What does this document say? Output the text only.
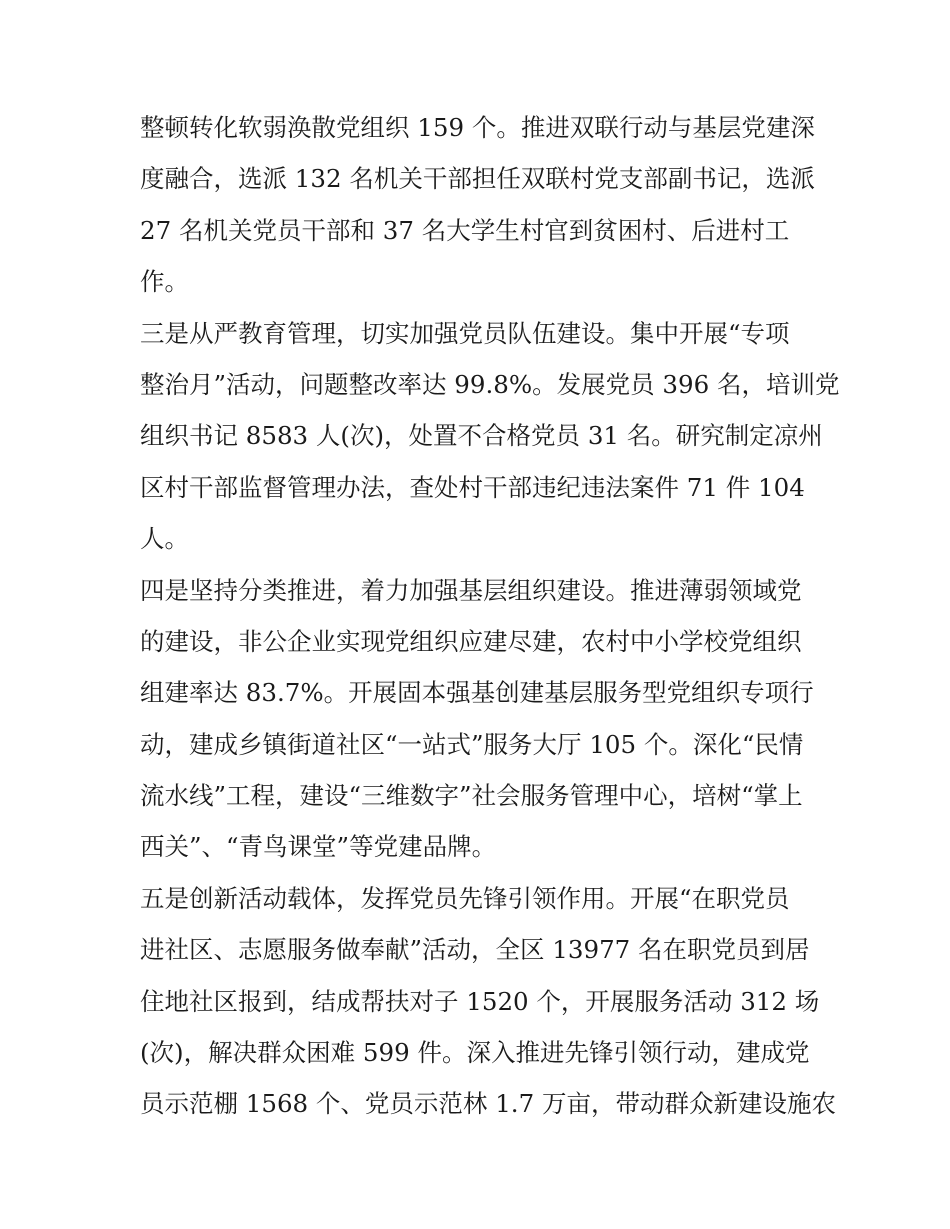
整顿转化软弱涣散党组织 159 个。推进双联行动与基层党建深
度融合，选派 132 名机关干部担任双联村党支部副书记，选派
27 名机关党员干部和 37 名大学生村官到贫困村、后进村工
作。
三是从严教育管理，切实加强党员队伍建设。集中开展“专项
整治月”活动，问题整改率达 99.8%。发展党员 396 名，培训党
组织书记 8583 人(次)，处置不合格党员 31 名。研究制定凉州
区村干部监督管理办法，查处村干部违纪违法案件 71 件 104
人。
四是坚持分类推进，着力加强基层组织建设。推进薄弱领域党
的建设，非公企业实现党组织应建尽建，农村中小学校党组织
组建率达 83.7%。开展固本强基创建基层服务型党组织专项行
动，建成乡镇街道社区“一站式”服务大厅 105 个。深化“民情
流水线”工程，建设“三维数字”社会服务管理中心，培树“掌上
西关”、“青鸟课堂”等党建品牌。
五是创新活动载体，发挥党员先锋引领作用。开展“在职党员
进社区、志愿服务做奉献”活动，全区 13977 名在职党员到居
住地社区报到，结成帮扶对子 1520 个，开展服务活动 312 场
(次)，解决群众困难 599 件。深入推进先锋引领行动，建成党
员示范棚 1568 个、党员示范林 1.7 万亩，带动群众新建设施农
